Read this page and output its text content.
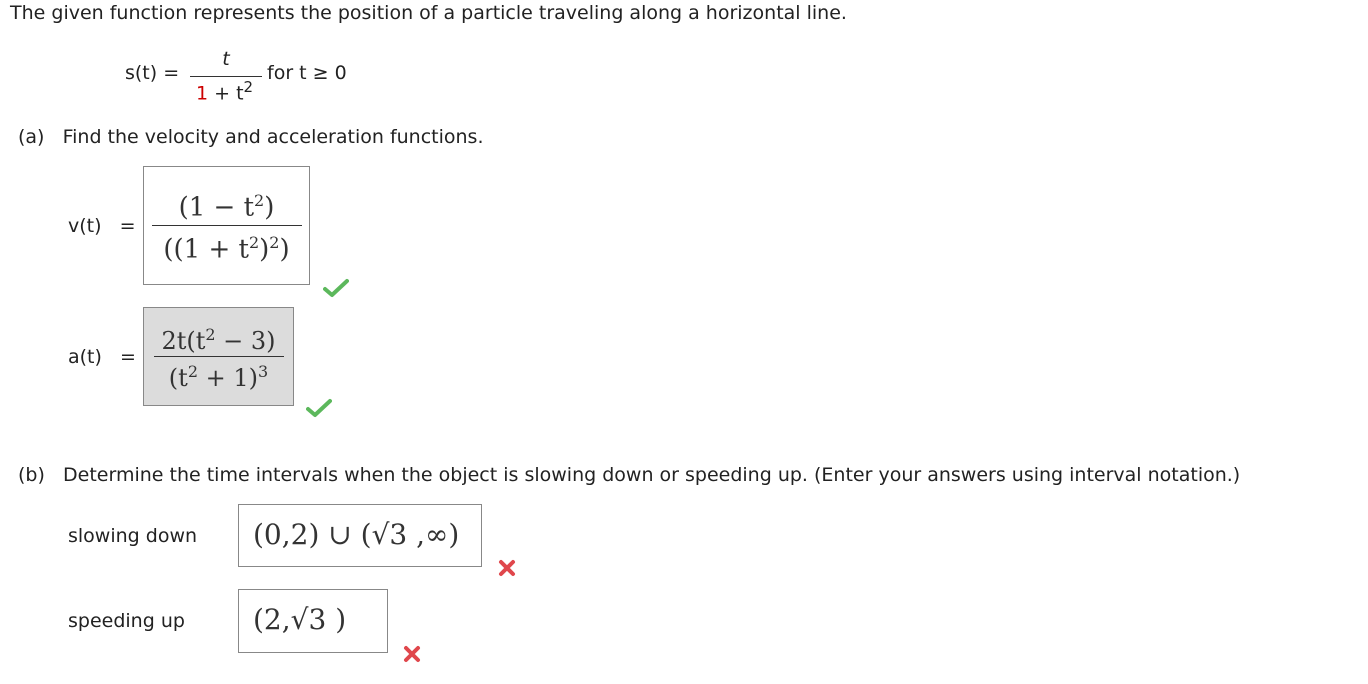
The given function represents the position of a particle traveling along a horizontal line.
s(t) =
t
$1 + t^2$
for t ≥ 0
(a) Find the velocity and acceleration functions.
v(t) =
$(1 - t^2)$
$((1 + t^2)^2)$
a(t) =
$2t(t^2 - 3)$
$(t^2 + 1)^3$
(b) Determine the time intervals when the object is slowing down or speeding up. (Enter your answers using interval notation.)
slowing down (0,2) ∪ (√3 ,∞)
speeding up (2,√3 )
